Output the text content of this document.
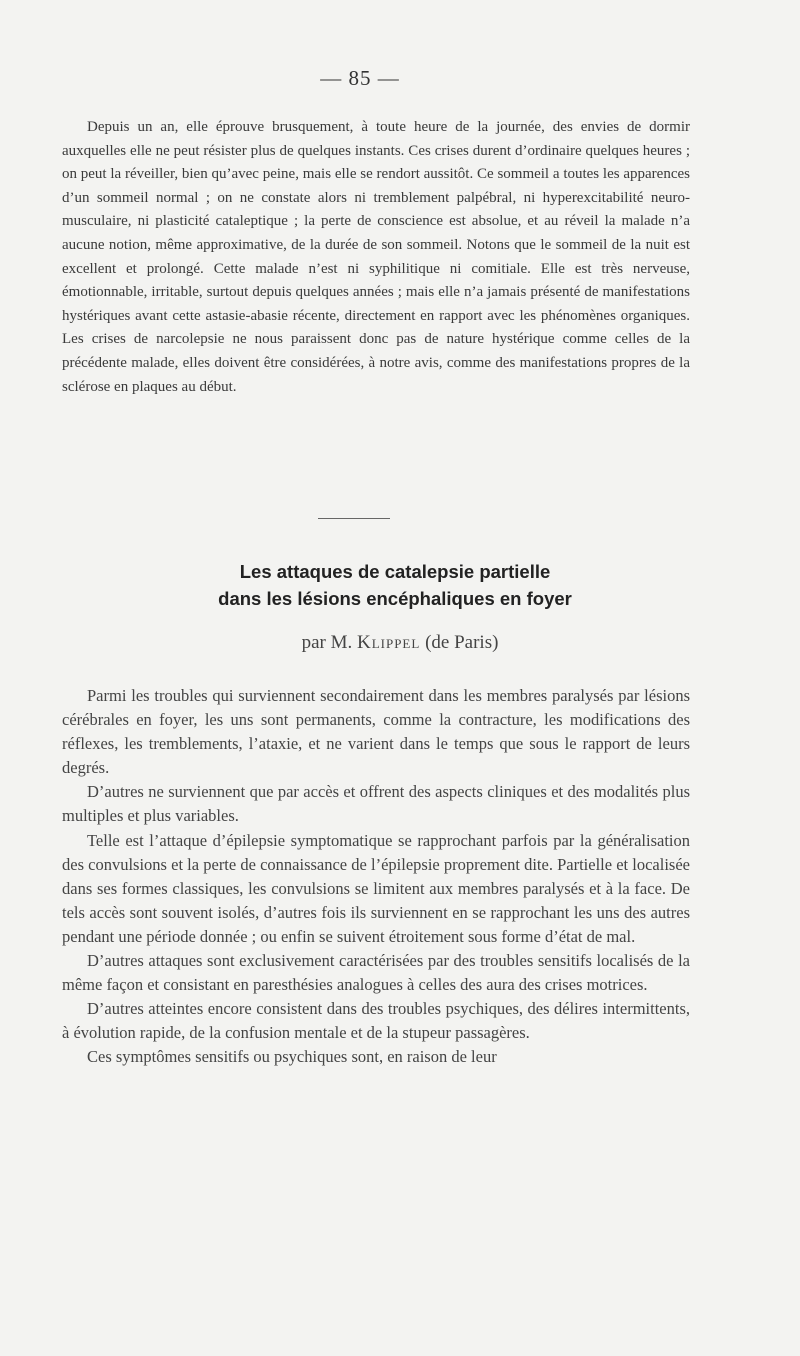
— 85 —

Depuis un an, elle éprouve brusquement, à toute heure de la journée, des envies de dormir auxquelles elle ne peut résister plus de quelques instants. Ces crises durent d’ordinaire quelques heures ; on peut la réveiller, bien qu’avec peine, mais elle se rendort aussitôt. Ce sommeil a toutes les apparences d’un sommeil normal ; on ne constate alors ni tremblement palpébral, ni hyperexcitabilité neuro-musculaire, ni plasticité cataleptique ; la perte de conscience est absolue, et au réveil la malade n’a aucune notion, même approximative, de la durée de son sommeil. Notons que le sommeil de la nuit est excellent et prolongé. Cette malade n’est ni syphilitique ni comitiale. Elle est très nerveuse, émotionnable, irritable, surtout depuis quelques années ; mais elle n’a jamais présenté de manifestations hystériques avant cette astasie-abasie récente, directement en rapport avec les phénomènes organiques. Les crises de narcolepsie ne nous paraissent donc pas de nature hystérique comme celles de la précédente malade, elles doivent être considérées, à notre avis, comme des manifestations propres de la sclérose en plaques au début.

Les attaques de catalepsie partielle
dans les lésions encéphaliques en foyer
par M. Klippel (de Paris)

Parmi les troubles qui surviennent secondairement dans les membres paralysés par lésions cérébrales en foyer, les uns sont permanents, comme la contracture, les modifications des réflexes, les tremblements, l’ataxie, et ne varient dans le temps que sous le rapport de leurs degrés.

D’autres ne surviennent que par accès et offrent des aspects cliniques et des modalités plus multiples et plus variables.

Telle est l’attaque d’épilepsie symptomatique se rapprochant parfois par la généralisation des convulsions et la perte de connaissance de l’épilepsie proprement dite. Partielle et localisée dans ses formes classiques, les convulsions se limitent aux membres paralysés et à la face. De tels accès sont souvent isolés, d’autres fois ils surviennent en se rapprochant les uns des autres pendant une période donnée ; ou enfin se suivent étroitement sous forme d’état de mal.

D’autres attaques sont exclusivement caractérisées par des troubles sensitifs localisés de la même façon et consistant en paresthésies analogues à celles des aura des crises motrices.

D’autres atteintes encore consistent dans des troubles psychiques, des délires intermittents, à évolution rapide, de la confusion mentale et de la stupeur passagères.

Ces symptômes sensitifs ou psychiques sont, en raison de leur
